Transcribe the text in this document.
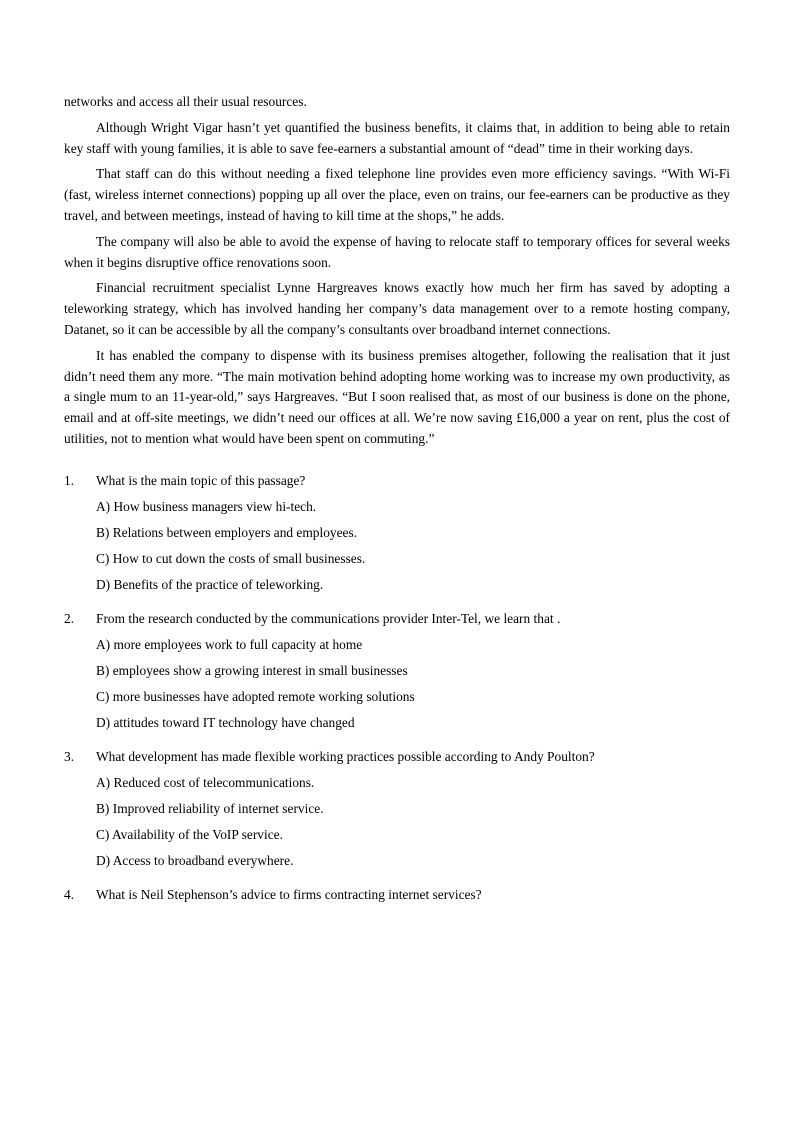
networks and access all their usual resources.

Although Wright Vigar hasn’t yet quantified the business benefits, it claims that, in addition to being able to retain key staff with young families, it is able to save fee-earners a substantial amount of “dead” time in their working days.

That staff can do this without needing a fixed telephone line provides even more efficiency savings. “With Wi-Fi (fast, wireless internet connections) popping up all over the place, even on trains, our fee-earners can be productive as they travel, and between meetings, instead of having to kill time at the shops,” he adds.

The company will also be able to avoid the expense of having to relocate staff to temporary offices for several weeks when it begins disruptive office renovations soon.

Financial recruitment specialist Lynne Hargreaves knows exactly how much her firm has saved by adopting a teleworking strategy, which has involved handing her company’s data management over to a remote hosting company, Datanet, so it can be accessible by all the company’s consultants over broadband internet connections.

It has enabled the company to dispense with its business premises altogether, following the realisation that it just didn’t need them any more. “The main motivation behind adopting home working was to increase my own productivity, as a single mum to an 11-year-old,” says Hargreaves. “But I soon realised that, as most of our business is done on the phone, email and at off-site meetings, we didn’t need our offices at all. We’re now saving £16,000 a year on rent, plus the cost of utilities, not to mention what would have been spent on commuting.”

1.	What is the main topic of this passage?
A) How business managers view hi-tech.
B) Relations between employers and employees.
C) How to cut down the costs of small businesses.
D) Benefits of the practice of teleworking.
2.	From the research conducted by the communications provider Inter-Tel, we learn that .
A) more employees work to full capacity at home
B) employees show a growing interest in small businesses
C) more businesses have adopted remote working solutions
D) attitudes toward IT technology have changed
3.	What development has made flexible working practices possible according to Andy Poulton?
A) Reduced cost of telecommunications.
B) Improved reliability of internet service.
C) Availability of the VoIP service.
D) Access to broadband everywhere.
4.	What is Neil Stephenson’s advice to firms contracting internet services?
